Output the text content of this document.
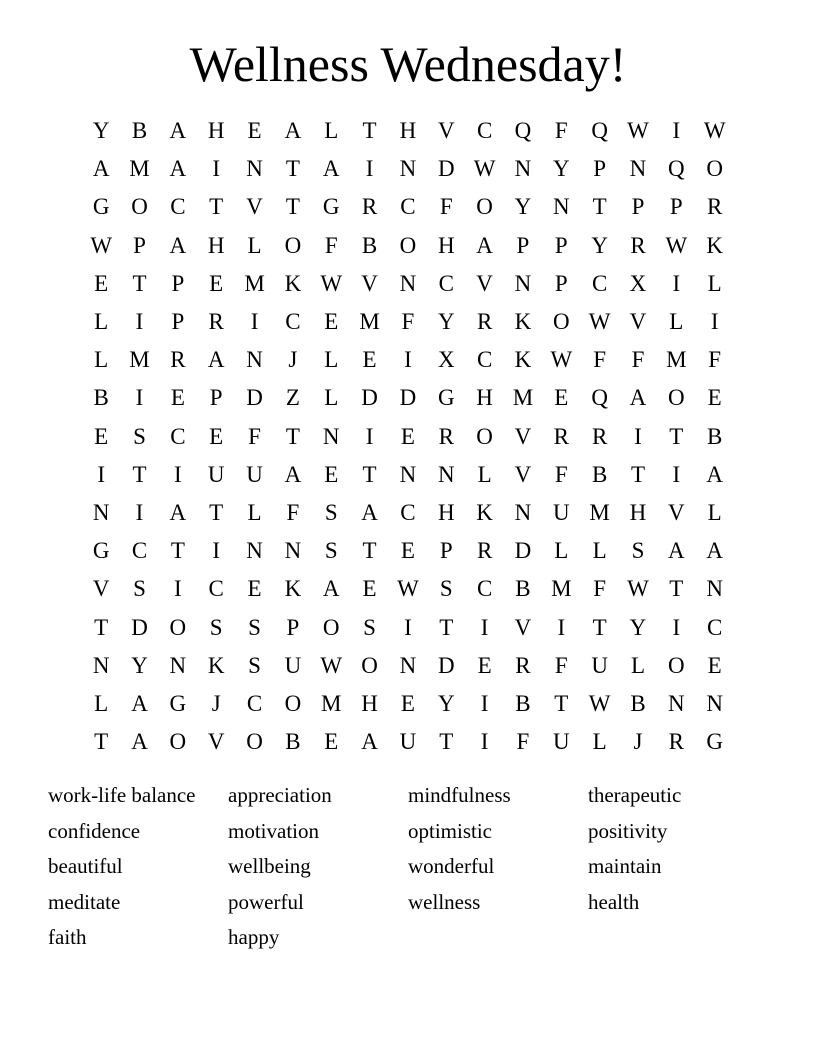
Wellness Wednesday!
Y B A H	E	A	L	T	H V C Q	F	Q W	I	W
A M A	I	N	T	A	I	N D W N Y	P	N Q O
G O C	T	V	T	G R	C	F	O Y N	T	P	P	R
W P	A H	L	O	F	B O H A	P	P	Y R W K
E	T	P	E M K W V N C V N	P	C X	I	L
L	I	P	R	I	C	E M F	Y R K O W V	L	I
L M R A N	J	L	E	I	X C K W F	F M F
B	I	E	P	D	Z	L	D D G H M E	Q A O	E
E	S	C	E	F	T	N	I	E	R O V R	R	I	T	B
I	T	I	U U A	E	T	N N	L	V	F	B	T	I	A
N	I	A	T	L	F	S	A C H K N U M H V	L
G C	T	I	N N	S	T	E	P	R D	L	L	S	A A
V	S	I	C	E	K A	E W S	C	B M F W T	N
T	D O	S	S	P	O	S	I	T	I	V	I	T	Y	I	C
N Y N K	S	U W O N D	E	R	F	U	L	O	E
L	A G	J	C O M H	E	Y	I	B	T W B N N
T	A O V O B	E	A U	T	I	F	U	L	J	R G
work-life balance	appreciation	mindfulness	therapeutic
confidence	motivation	optimistic	positivity
beautiful	wellbeing	wonderful	maintain
meditate	powerful	wellness	health
faith	happy
